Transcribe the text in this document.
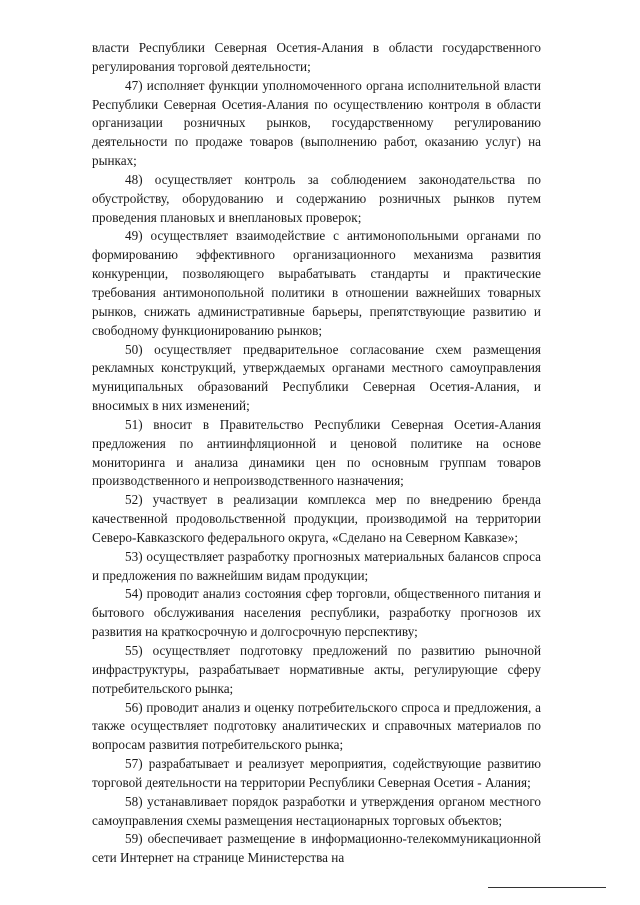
власти Республики Северная Осетия-Алания в области государственного регулирования торговой деятельности;

47) исполняет функции уполномоченного органа исполнительной власти Республики Северная Осетия-Алания по осуществлению контроля в области организации розничных рынков, государственному регулированию деятельности по продаже товаров (выполнению работ, оказанию услуг) на рынках;

48) осуществляет контроль за соблюдением законодательства по обустройству, оборудованию и содержанию розничных рынков путем проведения плановых и внеплановых проверок;

49) осуществляет взаимодействие с антимонопольными органами по формированию эффективного организационного механизма развития конкуренции, позволяющего вырабатывать стандарты и практические требования антимонопольной политики в отношении важнейших товарных рынков, снижать административные барьеры, препятствующие развитию и свободному функционированию рынков;

50) осуществляет предварительное согласование схем размещения рекламных конструкций, утверждаемых органами местного самоуправления муниципальных образований Республики Северная Осетия-Алания, и вносимых в них изменений;

51) вносит в Правительство Республики Северная Осетия-Алания предложения по антиинфляционной и ценовой политике на основе мониторинга и анализа динамики цен по основным группам товаров производственного и непроизводственного назначения;

52) участвует в реализации комплекса мер по внедрению бренда качественной продовольственной продукции, производимой на территории Северо-Кавказского федерального округа, «Сделано на Северном Кавказе»;

53) осуществляет разработку прогнозных материальных балансов спроса и предложения по важнейшим видам продукции;

54) проводит анализ состояния сфер торговли, общественного питания и бытового обслуживания населения республики, разработку прогнозов их развития на краткосрочную и долгосрочную перспективу;

55) осуществляет подготовку предложений по развитию рыночной инфраструктуры, разрабатывает нормативные акты, регулирующие сферу потребительского рынка;

56) проводит анализ и оценку потребительского спроса и предложения, а также осуществляет подготовку аналитических и справочных материалов по вопросам развития потребительского рынка;

57) разрабатывает и реализует мероприятия, содействующие развитию торговой деятельности на территории Республики Северная Осетия - Алания;

58) устанавливает порядок разработки и утверждения органом местного самоуправления схемы размещения нестационарных торговых объектов;

59) обеспечивает размещение в информационно-телекоммуникационной сети Интернет на странице Министерства на
